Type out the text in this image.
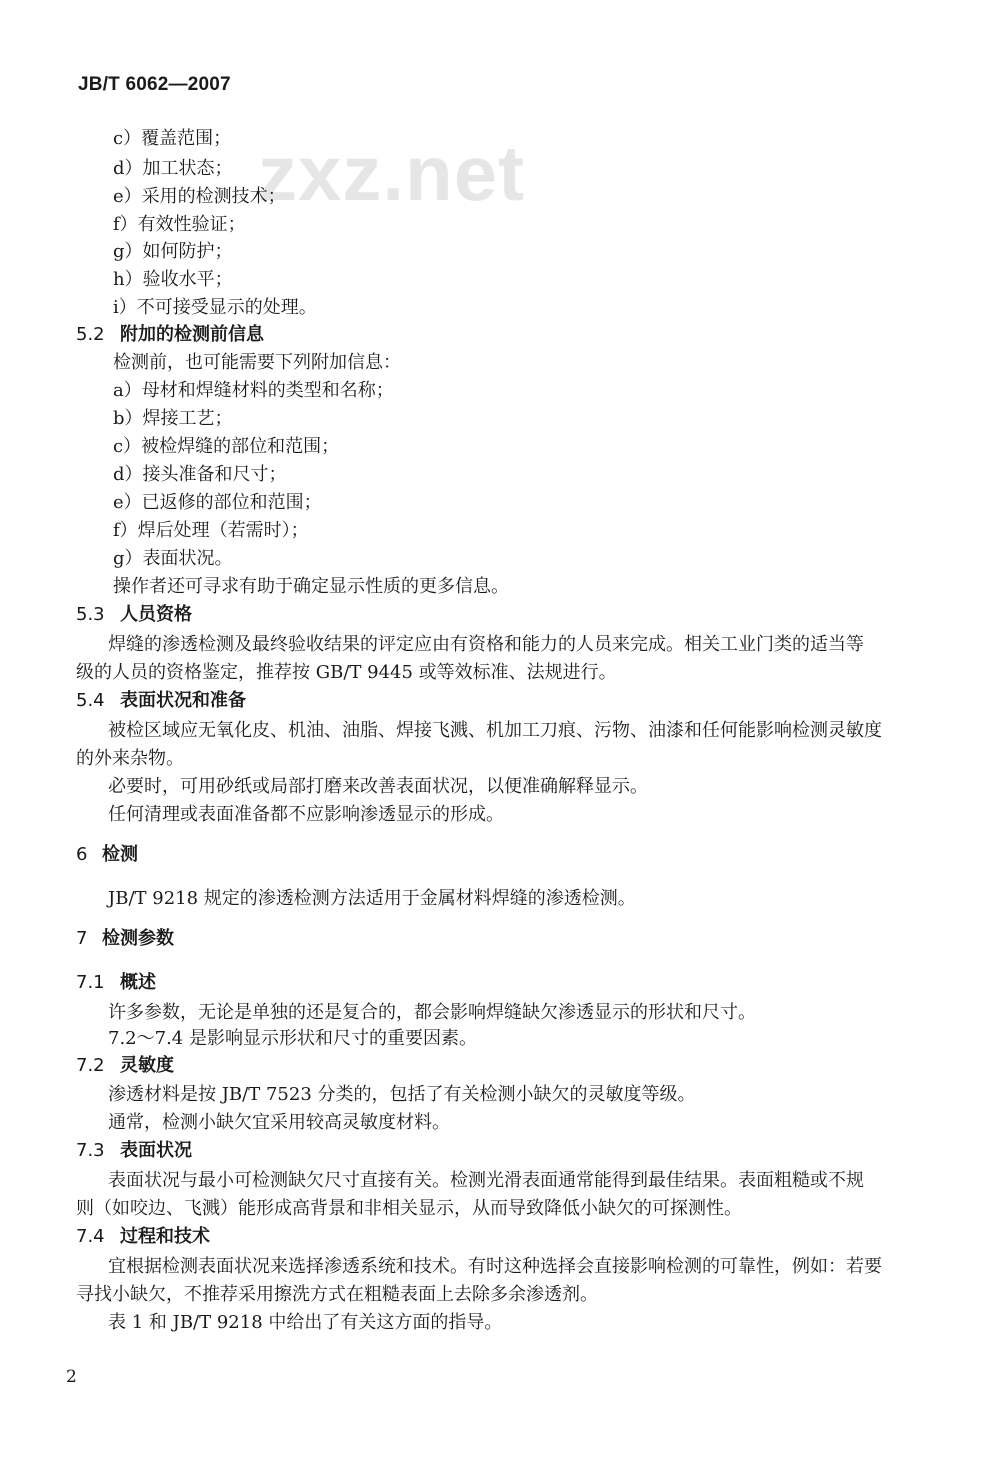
JB/T 6062—2007
zxz.net
c）覆盖范围；
d）加工状态；
e）采用的检测技术；
f）有效性验证；
g）如何防护；
h）验收水平；
i）不可接受显示的处理。
5.2 附加的检测前信息
检测前，也可能需要下列附加信息：
a）母材和焊缝材料的类型和名称；
b）焊接工艺；
c）被检焊缝的部位和范围；
d）接头准备和尺寸；
e）已返修的部位和范围；
f）焊后处理（若需时）；
g）表面状况。
操作者还可寻求有助于确定显示性质的更多信息。
5.3 人员资格
焊缝的渗透检测及最终验收结果的评定应由有资格和能力的人员来完成。相关工业门类的适当等
级的人员的资格鉴定，推荐按 GB/T 9445 或等效标准、法规进行。
5.4 表面状况和准备
被检区域应无氧化皮、机油、油脂、焊接飞溅、机加工刀痕、污物、油漆和任何能影响检测灵敏度
的外来杂物。
必要时，可用砂纸或局部打磨来改善表面状况，以便准确解释显示。
任何清理或表面准备都不应影响渗透显示的形成。
6 检测
JB/T 9218 规定的渗透检测方法适用于金属材料焊缝的渗透检测。
7 检测参数
7.1 概述
许多参数，无论是单独的还是复合的，都会影响焊缝缺欠渗透显示的形状和尺寸。
7.2～7.4 是影响显示形状和尺寸的重要因素。
7.2 灵敏度
渗透材料是按 JB/T 7523 分类的，包括了有关检测小缺欠的灵敏度等级。
通常，检测小缺欠宜采用较高灵敏度材料。
7.3 表面状况
表面状况与最小可检测缺欠尺寸直接有关。检测光滑表面通常能得到最佳结果。表面粗糙或不规
则（如咬边、飞溅）能形成高背景和非相关显示，从而导致降低小缺欠的可探测性。
7.4 过程和技术
宜根据检测表面状况来选择渗透系统和技术。有时这种选择会直接影响检测的可靠性，例如：若要
寻找小缺欠，不推荐采用擦洗方式在粗糙表面上去除多余渗透剂。
表 1 和 JB/T 9218 中给出了有关这方面的指导。
2
